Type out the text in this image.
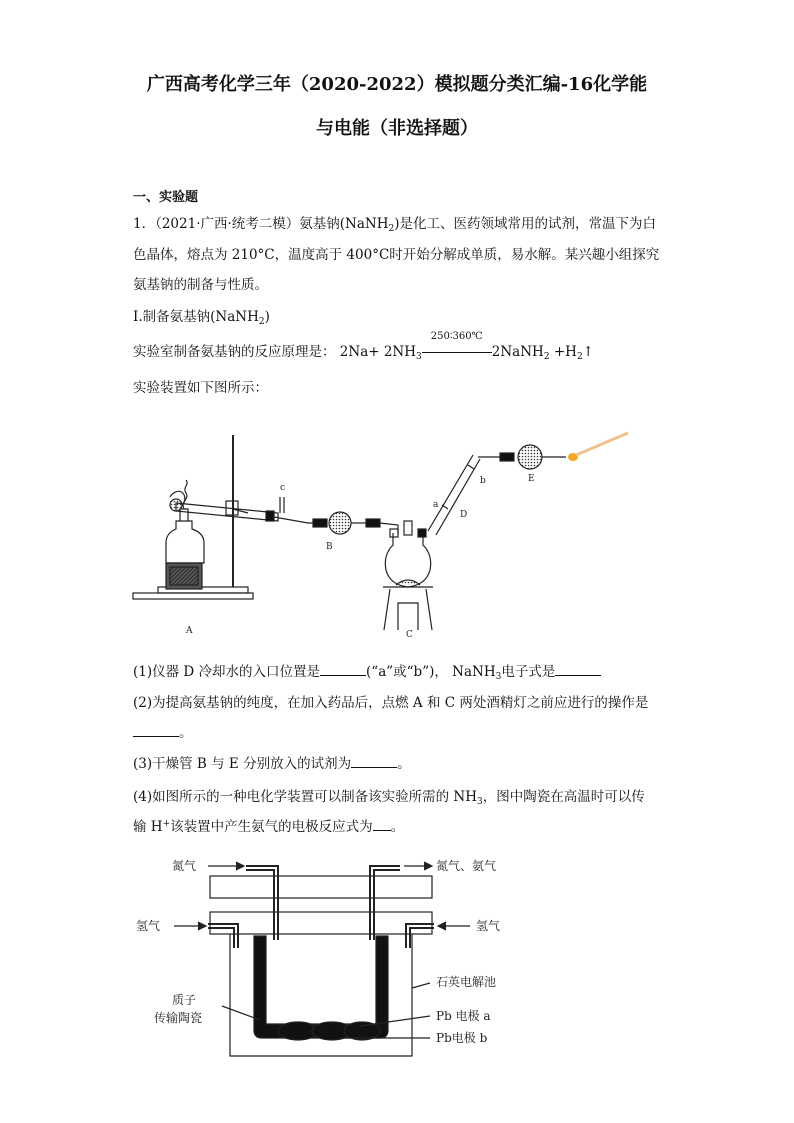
广西高考化学三年（2020-2022）模拟题分类汇编-16化学能
与电能（非选择题）
一、实验题
1．（2021·广西·统考二模）氨基钠(NaNH$_2$)是化工、医药领域常用的试剂，常温下为白
色晶体，熔点为 210°C，温度高于 400°C时开始分解成单质，易水解。某兴趣小组探究
氨基钠的制备与性质。
I.制备氨基钠(NaNH$_2$)
实验室制备氨基钠的反应原理是： $2Na+ 2NH_3$
250∶360℃
2NaNH$_2$ $+H_2↑$
实验装置如下图所示：
A
B
C
D
E
a
b
c
(1)仪器 D 冷却水的入口位置是	(“a”或“b”)， NaNH$_3$电子式是
(2)为提高氨基钠的纯度，在加入药品后，点燃 A 和 C 两处酒精灯之前应进行的操作是
。
(3)干燥管 B 与 E 分别放入的试剂为	。
(4)如图所示的一种电化学装置可以制备该实验所需的 $NH_3$，图中陶瓷在高温时可以传
输 H+该装置中产生氨气的电极反应式为 。
氮气	氮气、氨气
氢气	氢气
石英电解池
质子
传输陶瓷	Pb 电极 a
Pb电极 b
